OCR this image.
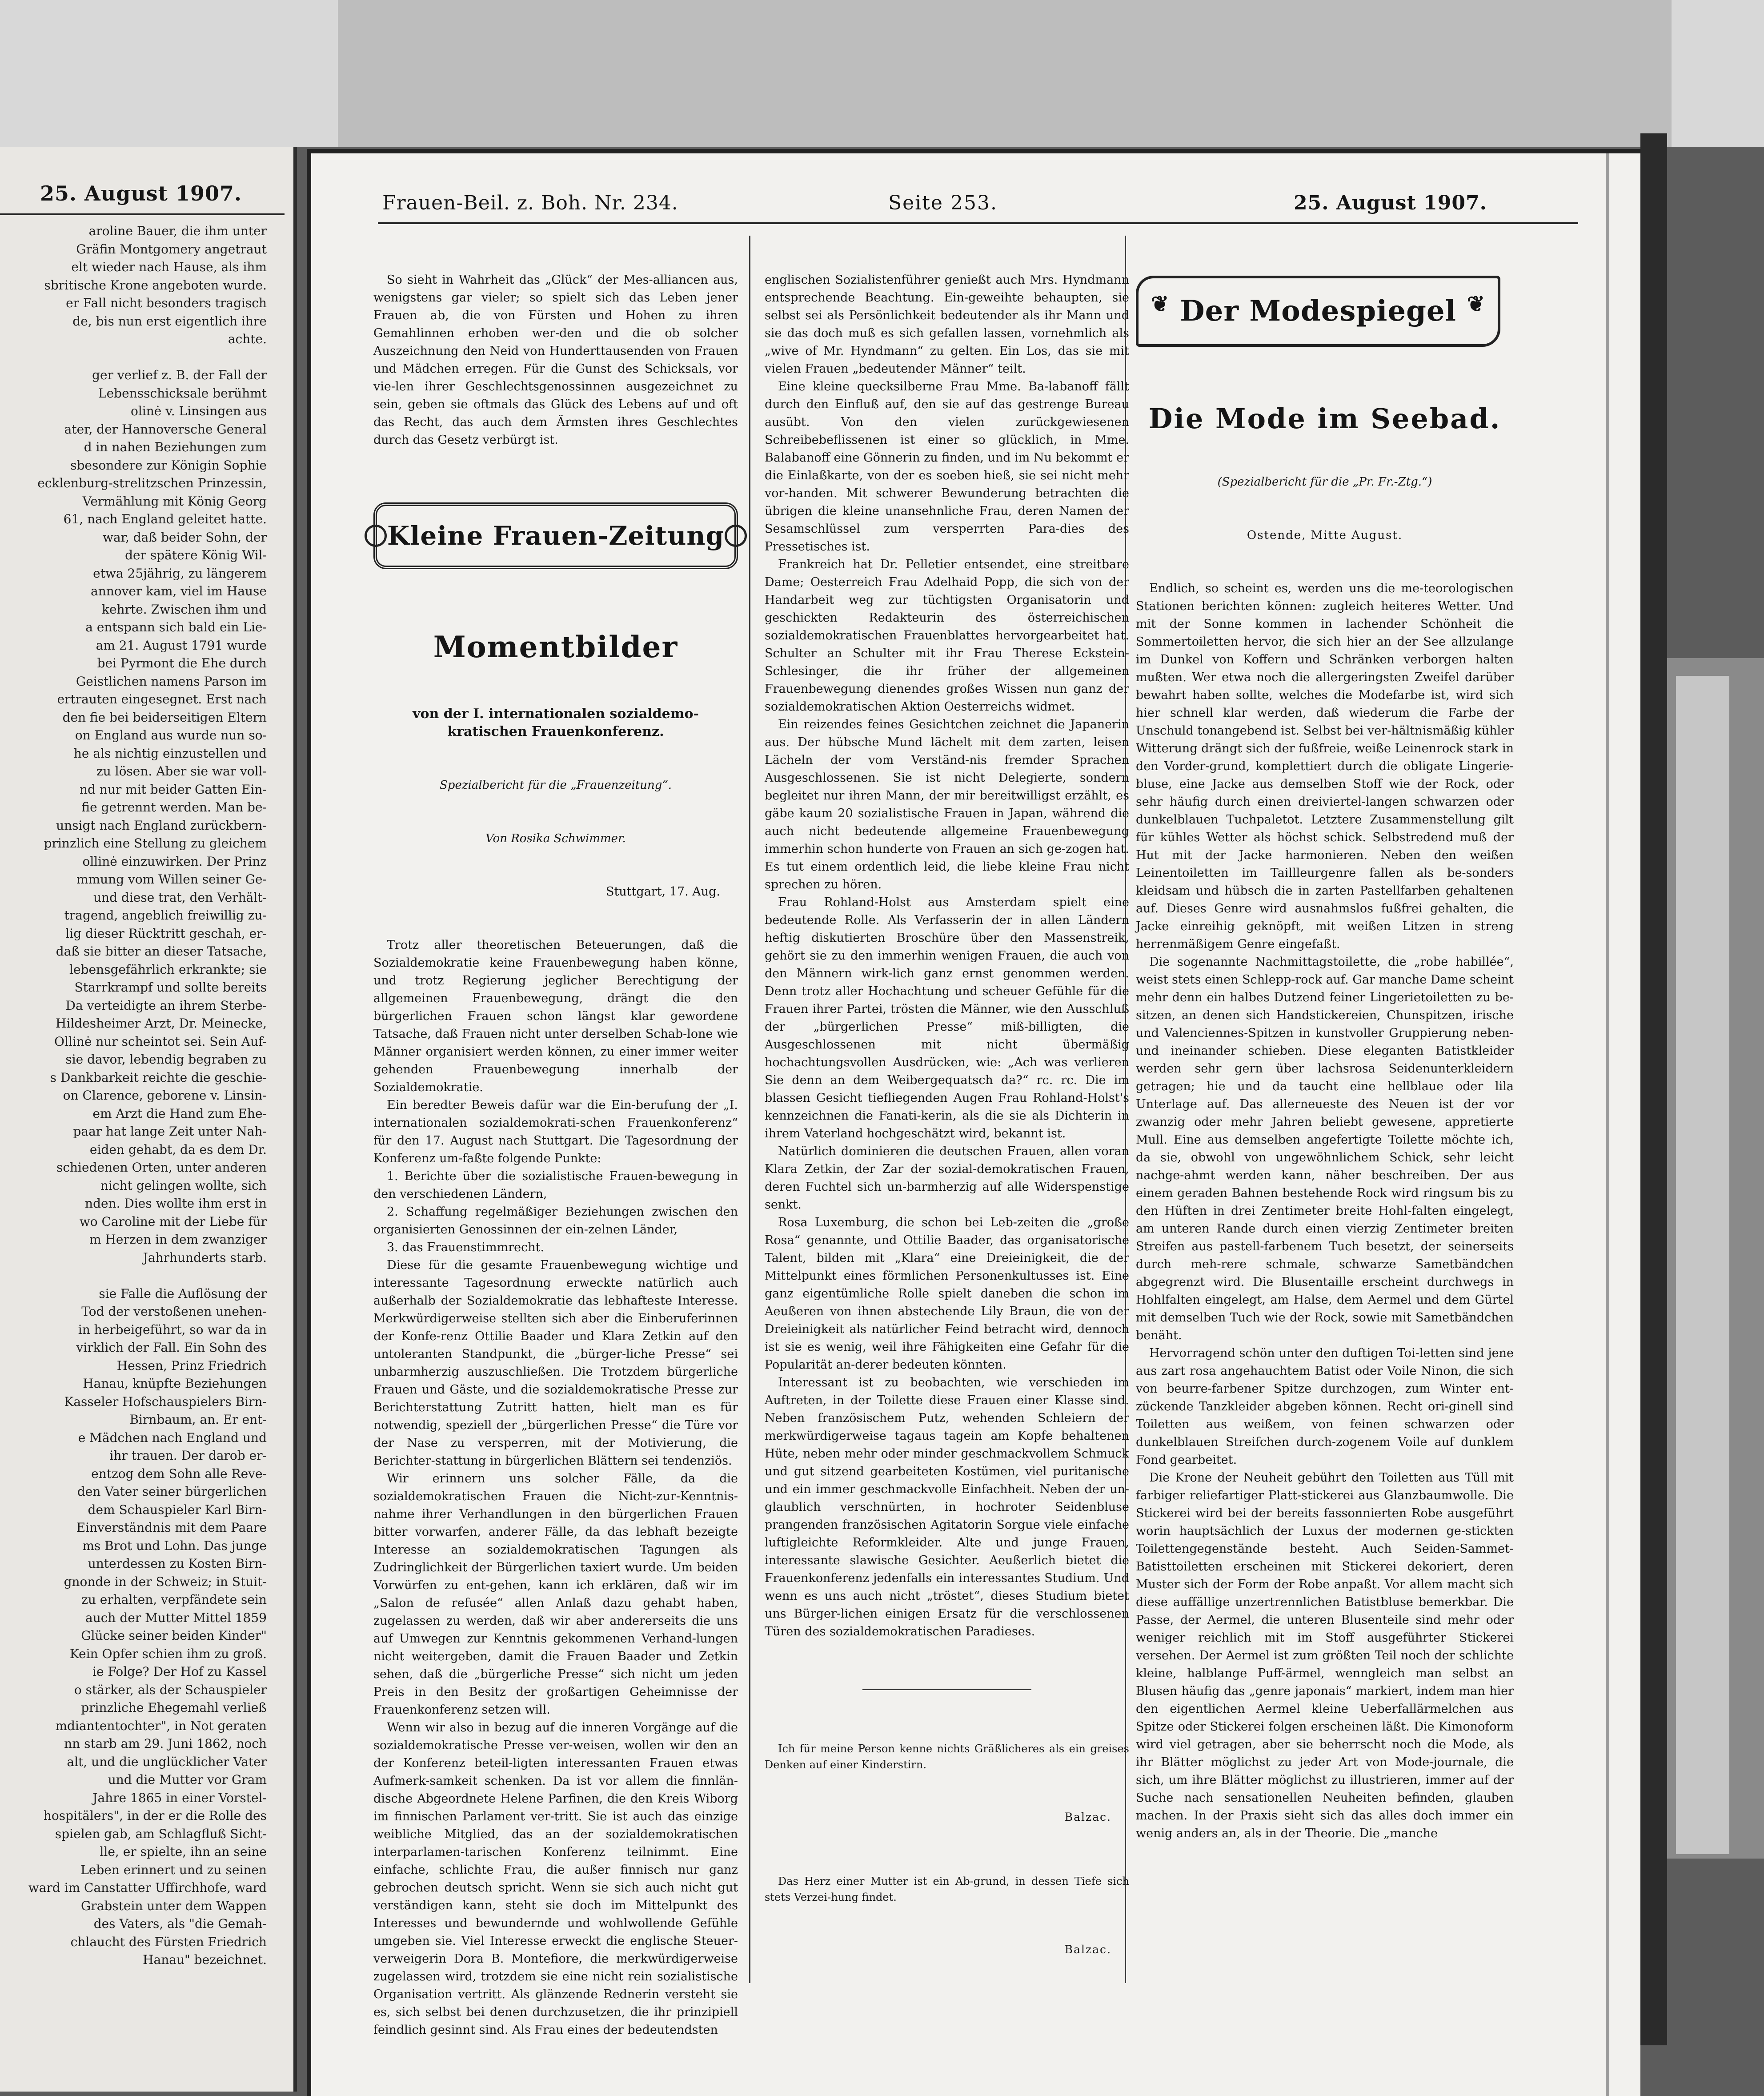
25. August 1907.
aroline Bauer, die ihm unter
Gräfin Montgomery angetraut
elt wieder nach Hause, als ihm
sbritische Krone angeboten wurde.
er Fall nicht besonders tragisch
de, bis nun erst eigentlich ihre
achte.
ger verlief z. B. der Fall der
Lebensschicksale berühmt
olinė v. Linsingen aus
ater, der Hannoversche General
d in nahen Beziehungen zum
sbesondere zur Königin Sophie
ecklenburg-strelitzschen Prinzessin,
Vermählung mit König Georg
61, nach England geleitet hatte.
war, daß beider Sohn, der
der spätere König Wil-
etwa 25jährig, zu längerem
annover kam, viel im Hause
kehrte. Zwischen ihm und
a entspann sich bald ein Lie-
am 21. August 1791 wurde
bei Pyrmont die Ehe durch
Geistlichen namens Parson im
ertrauten eingesegnet. Erst nach
den fie bei beiderseitigen Eltern
on England aus wurde nun so-
he als nichtig einzustellen und
zu lösen. Aber sie war voll-
nd nur mit beider Gatten Ein-
fie getrennt werden. Man be-
unsigt nach England zurückbern-
prinzlich eine Stellung zu gleichem
ollinė einzuwirken. Der Prinz
mmung vom Willen seiner Ge-
und diese trat, den Verhält-
tragend, angeblich freiwillig zu-
lig dieser Rücktritt geschah, er-
daß sie bitter an dieser Tatsache,
lebensgefährlich erkrankte; sie
Starrkrampf und sollte bereits
Da verteidigte an ihrem Sterbe-
Hildesheimer Arzt, Dr. Meinecke,
Ollinė nur scheintot sei. Sein Auf-
sie davor, lebendig begraben zu
s Dankbarkeit reichte die geschie-
on Clarence, geborene v. Linsin-
em Arzt die Hand zum Ehe-
paar hat lange Zeit unter Nah-
eiden gehabt, da es dem Dr.
schiedenen Orten, unter anderen
nicht gelingen wollte, sich
nden. Dies wollte ihm erst in
wo Caroline mit der Liebe für
m Herzen in dem zwanziger
Jahrhunderts starb.
sie Falle die Auflösung der
Tod der verstoßenen unehen-
in herbeigeführt, so war da in
virklich der Fall. Ein Sohn des
Hessen, Prinz Friedrich
Hanau, knüpfte Beziehungen
Kasseler Hofschauspielers Birn-
Birnbaum, an. Er ent-
e Mädchen nach England und
ihr trauen. Der darob er-
entzog dem Sohn alle Reve-
den Vater seiner bürgerlichen
dem Schauspieler Karl Birn-
Einverständnis mit dem Paare
ms Brot und Lohn. Das junge
unterdessen zu Kosten Birn-
gnonde in der Schweiz; in Stuit-
zu erhalten, verpfändete sein
auch der Mutter Mittel 1859
Glücke seiner beiden Kinder"
Kein Opfer schien ihm zu groß.
ie Folge? Der Hof zu Kassel
o stärker, als der Schauspieler
prinzliche Ehegemahl verließ
mdiantentochter", in Not geraten
nn starb am 29. Juni 1862, noch
alt, und die unglücklicher Vater
und die Mutter vor Gram
Jahre 1865 in einer Vorstel-
hospitälers", in der er die Rolle des
spielen gab, am Schlagfluß Sicht-
lle, er spielte, ihn an seine
Leben erinnert und zu seinen
ward im Canstatter Uffirchhofe, ward
Grabstein unter dem Wappen
des Vaters, als "die Gemah-
chlaucht des Fürsten Friedrich
Hanau" bezeichnet.
Frauen-Beil. z. Boh. Nr. 234.	Seite 253.	25. August 1907.

So sieht in Wahrheit das „Glück“ der Mes-alliancen aus, wenigstens gar vieler; so spielt sich das Leben jener Frauen ab, die von Fürsten und Hohen zu ihren Gemahlinnen erhoben wer-den und die ob solcher Auszeichnung den Neid von Hunderttausenden von Frauen und Mädchen erregen. Für die Gunst des Schicksals, vor vie-len ihrer Geschlechtsgenossinnen ausgezeichnet zu sein, geben sie oftmals das Glück des Lebens auf und oft das Recht, das auch dem Ärmsten ihres Geschlechtes durch das Gesetz verbürgt ist.

Kleine Frauen-Zeitung

Momentbilder

von der I. internationalen sozialdemo-kratischen Frauenkonferenz.

Spezialbericht für die „Frauenzeitung“.

Von Rosika Schwimmer.

Stuttgart, 17. Aug.

Trotz aller theoretischen Beteuerungen, daß die Sozialdemokratie keine Frauenbewegung haben könne, und trotz Regierung jeglicher Berechtigung der allgemeinen Frauenbewegung, drängt die den bürgerlichen Frauen schon längst klar gewordene Tatsache, daß Frauen nicht unter derselben Schab-lone wie Männer organisiert werden können, zu einer immer weiter gehenden Frauenbewegung innerhalb der Sozialdemokratie.

Ein beredter Beweis dafür war die Ein-berufung der „I. internationalen sozialdemokrati-schen Frauenkonferenz“ für den 17. August nach Stuttgart. Die Tagesordnung der Konferenz um-faßte folgende Punkte:

1. Berichte über die sozialistische Frauen-bewegung in den verschiedenen Ländern,

2. Schaffung regelmäßiger Beziehungen zwischen den organisierten Genossinnen der ein-zelnen Länder,

3. das Frauenstimmrecht.

Diese für die gesamte Frauenbewegung wichtige und interessante Tagesordnung erweckte natürlich auch außerhalb der Sozialdemokratie das lebhafteste Interesse. Merkwürdigerweise stellten sich aber die Einberuferinnen der Konfe-renz Ottilie Baader und Klara Zetkin auf den untoleranten Standpunkt, die „bürger-liche Presse“ sei unbarmherzig auszuschließen. Die Trotzdem bürgerliche Frauen und Gäste, und die sozialdemokratische Presse zur Berichterstattung Zutritt hatten, hielt man es für notwendig, speziell der „bürgerlichen Presse“ die Türe vor der Nase zu versperren, mit der Motivierung, die Berichter-stattung in bürgerlichen Blättern sei tendenziös.

Wir erinnern uns solcher Fälle, da die sozialdemokratischen Frauen die Nicht-zur-Kenntnis-nahme ihrer Verhandlungen in den bürgerlichen Frauen bitter vorwarfen, anderer Fälle, da das lebhaft bezeigte Interesse an sozialdemokratischen Tagungen als Zudringlichkeit der Bürgerlichen taxiert wurde. Um beiden Vorwürfen zu ent-gehen, kann ich erklären, daß wir im „Salon de refusée“ allen Anlaß dazu gehabt haben, zugelassen zu werden, daß wir aber andererseits die uns auf Umwegen zur Kenntnis gekommenen Verhand-lungen nicht weitergeben, damit die Frauen Baader und Zetkin sehen, daß die „bürgerliche Presse“ sich nicht um jeden Preis in den Besitz der großartigen Geheimnisse der Frauenkonferenz setzen will.

Wenn wir also in bezug auf die inneren Vorgänge auf die sozialdemokratische Presse ver-weisen, wollen wir den an der Konferenz beteil-ligten interessanten Frauen etwas Aufmerk-samkeit schenken. Da ist vor allem die finnlän-dische Abgeordnete Helene Parfinen, die den Kreis Wiborg im finnischen Parlament ver-tritt. Sie ist auch das einzige weibliche Mitglied, das an der sozialdemokratischen interparlamen-tarischen Konferenz teilnimmt. Eine einfache, schlichte Frau, die außer finnisch nur ganz gebrochen deutsch spricht. Wenn sie sich auch nicht gut verständigen kann, steht sie doch im Mittelpunkt des Interesses und bewundernde und wohlwollende Gefühle umgeben sie. Viel Interesse erweckt die englische Steuer-verweigerin Dora B. Montefiore, die merkwürdigerweise zugelassen wird, trotzdem sie eine nicht rein sozialistische Organisation vertritt. Als glänzende Rednerin versteht sie es, sich selbst bei denen durchzusetzen, die ihr prinzipiell feindlich gesinnt sind. Als Frau eines der bedeutendsten

englischen Sozialistenführer genießt auch Mrs. Hyndmann entsprechende Beachtung. Ein-geweihte behaupten, sie selbst sei als Persönlichkeit bedeutender als ihr Mann und sie das doch muß es sich gefallen lassen, vornehmlich als „wive of Mr. Hyndmann“ zu gelten. Ein Los, das sie mit vielen Frauen „bedeutender Männer“ teilt.

Eine kleine quecksilberne Frau Mme. Ba-labanoff fällt durch den Einfluß auf, den sie auf das gestrenge Bureau ausübt. Von den vielen zurückgewiesenen Schreibebeflissenen ist einer so glücklich, in Mme. Balabanoff eine Gönnerin zu finden, und im Nu bekommt er die Einlaßkarte, von der es soeben hieß, sie sei nicht mehr vor-handen. Mit schwerer Bewunderung betrachten die übrigen die kleine unansehnliche Frau, deren Namen der Sesamschlüssel zum versperrten Para-dies des Pressetisches ist.

Frankreich hat Dr. Pelletier entsendet, eine streitbare Dame; Oesterreich Frau Adelhaid Popp, die sich von der Handarbeit weg zur tüchtigsten Organisatorin und geschickten Redakteurin des österreichischen sozialdemokratischen Frauenblattes hervorgearbeitet hat. Schulter an Schulter mit ihr Frau Therese Eckstein-Schlesinger, die ihr früher der allgemeinen Frauenbewegung dienendes großes Wissen nun ganz der sozialdemokratischen Aktion Oesterreichs widmet.

Ein reizendes feines Gesichtchen zeichnet die Japanerin aus. Der hübsche Mund lächelt mit dem zarten, leisen Lächeln der vom Verständ-nis fremder Sprachen Ausgeschlossenen. Sie ist nicht Delegierte, sondern begleitet nur ihren Mann, der mir bereitwilligst erzählt, es gäbe kaum 20 sozialistische Frauen in Japan, während die auch nicht bedeutende allgemeine Frauenbewegung immerhin schon hunderte von Frauen an sich ge-zogen hat. Es tut einem ordentlich leid, die liebe kleine Frau nicht sprechen zu hören.

Frau Rohland-Holst aus Amsterdam spielt eine bedeutende Rolle. Als Verfasserin der in allen Ländern heftig diskutierten Broschüre über den Massenstreik, gehört sie zu den immerhin wenigen Frauen, die auch von den Männern wirk-lich ganz ernst genommen werden. Denn trotz aller Hochachtung und scheuer Gefühle für die Frauen ihrer Partei, trösten die Männer, wie den Ausschluß der „bürgerlichen Presse“ miß-billigten, die Ausgeschlossenen mit nicht übermäßig hochachtungsvollen Ausdrücken, wie: „Ach was verlieren Sie denn an dem Weibergequatsch da?“ rc. rc. Die im blassen Gesicht tiefliegenden Augen Frau Rohland-Holst's kennzeichnen die Fanati-kerin, als die sie als Dichterin in ihrem Vaterland hochgeschätzt wird, bekannt ist.

Natürlich dominieren die deutschen Frauen, allen voran Klara Zetkin, der Zar der sozial-demokratischen Frauen, deren Fuchtel sich un-barmherzig auf alle Widerspenstige senkt.

Rosa Luxemburg, die schon bei Leb-zeiten die „große Rosa“ genannte, und Ottilie Baader, das organisatorische Talent, bilden mit „Klara“ eine Dreieinigkeit, die der Mittelpunkt eines förmlichen Personenkultusses ist. Eine ganz eigentümliche Rolle spielt daneben die schon im Aeußeren von ihnen abstechende Lily Braun, die von der Dreieinigkeit als natürlicher Feind betracht wird, dennoch ist sie es wenig, weil ihre Fähigkeiten eine Gefahr für die Popularität an-derer bedeuten könnten.

Interessant ist zu beobachten, wie verschieden im Auftreten, in der Toilette diese Frauen einer Klasse sind. Neben französischem Putz, wehenden Schleiern der merkwürdigerweise tagaus tagein am Kopfe behaltenen Hüte, neben mehr oder minder geschmackvollem Schmuck und gut sitzend gearbeiteten Kostümen, viel puritanische und ein immer geschmackvolle Einfachheit. Neben der un-glaublich verschnürten, in hochroter Seidenbluse prangenden französischen Agitatorin Sorgue viele einfache luftigleichte Reformkleider. Alte und junge Frauen, interessante slawische Gesichter. Aeußerlich bietet die Frauenkonferenz jedenfalls ein interessantes Studium. Und wenn es uns auch nicht „tröstet“, dieses Studium bietet uns Bürger-lichen einigen Ersatz für die verschlossenen Türen des sozialdemokratischen Paradieses.

Ich für meine Person kenne nichts Gräßlicheres als ein greises Denken auf einer Kinderstirn.

Balzac.

Das Herz einer Mutter ist ein Ab-grund, in dessen Tiefe sich stets Verzei-hung findet.

Balzac.

❦ Der Modespiegel ❦

Die Mode im Seebad.

(Spezialbericht für die „Pr. Fr.-Ztg.“)

Ostende, Mitte August.

Endlich, so scheint es, werden uns die me-teorologischen Stationen berichten können: zugleich heiteres Wetter. Und mit der Sonne kommen in lachender Schönheit die Sommertoiletten hervor, die sich hier an der See allzulange im Dunkel von Koffern und Schränken verborgen halten mußten. Wer etwa noch die allergeringsten Zweifel darüber bewahrt haben sollte, welches die Modefarbe ist, wird sich hier schnell klar werden, daß wiederum die Farbe der Unschuld tonangebend ist. Selbst bei ver-hältnismäßig kühler Witterung drängt sich der fußfreie, weiße Leinenrock stark in den Vorder-grund, komplettiert durch die obligate Lingerie-bluse, eine Jacke aus demselben Stoff wie der Rock, oder sehr häufig durch einen dreiviertel-langen schwarzen oder dunkelblauen Tuchpaletot. Letztere Zusammenstellung gilt für kühles Wetter als höchst schick. Selbstredend muß der Hut mit der Jacke harmonieren. Neben den weißen Leinentoiletten im Taillleurgenre fallen als be-sonders kleidsam und hübsch die in zarten Pastellfarben gehaltenen auf. Dieses Genre wird ausnahmslos fußfrei gehalten, die Jacke einreihig geknöpft, mit weißen Litzen in streng herrenmäßigem Genre eingefaßt.

Die sogenannte Nachmittagstoilette, die „robe habillée“, weist stets einen Schlepp-rock auf. Gar manche Dame scheint mehr denn ein halbes Dutzend feiner Lingerietoiletten zu be-sitzen, an denen sich Handstickereien, Chunspitzen, irische und Valenciennes-Spitzen in kunstvoller Gruppierung neben- und ineinander schieben. Diese eleganten Batistkleider werden sehr gern über lachsrosa Seidenunterkleidern getragen; hie und da taucht eine hellblaue oder lila Unterlage auf. Das allerneueste des Neuen ist der vor zwanzig oder mehr Jahren beliebt gewesene, appretierte Mull. Eine aus demselben angefertigte Toilette möchte ich, da sie, obwohl von ungewöhnlichem Schick, sehr leicht nachge-ahmt werden kann, näher beschreiben. Der aus einem geraden Bahnen bestehende Rock wird ringsum bis zu den Hüften in drei Zentimeter breite Hohl-falten eingelegt, am unteren Rande durch einen vierzig Zentimeter breiten Streifen aus pastell-farbenem Tuch besetzt, der seinerseits durch meh-rere schmale, schwarze Sametbändchen abgegrenzt wird. Die Blusentaille erscheint durchwegs in Hohlfalten eingelegt, am Halse, dem Aermel und dem Gürtel mit demselben Tuch wie der Rock, sowie mit Sametbändchen benäht.

Hervorragend schön unter den duftigen Toi-letten sind jene aus zart rosa angehauchtem Batist oder Voile Ninon, die sich von beurre-farbener Spitze durchzogen, zum Winter ent-zückende Tanzkleider abgeben können. Recht ori-ginell sind Toiletten aus weißem, von feinen schwarzen oder dunkelblauen Streifchen durch-zogenem Voile auf dunklem Fond gearbeitet.

Die Krone der Neuheit gebührt den Toiletten aus Tüll mit farbiger reliefartiger Platt-stickerei aus Glanzbaumwolle. Die Stickerei wird bei der bereits fassonnierten Robe ausgeführt worin hauptsächlich der Luxus der modernen ge-stickten Toilettengegenstände besteht. Auch Seiden-Sammet-Batisttoiletten erscheinen mit Stickerei dekoriert, deren Muster sich der Form der Robe anpaßt. Vor allem macht sich diese auffällige unzertrennlichen Batistbluse bemerkbar. Die Passe, der Aermel, die unteren Blusenteile sind mehr oder weniger reichlich mit im Stoff ausgeführter Stickerei versehen. Der Aermel ist zum größten Teil noch der schlichte kleine, halblange Puff-ärmel, wenngleich man selbst an Blusen häufig das „genre japonais“ markiert, indem man hier den eigentlichen Aermel kleine Ueberfallärmelchen aus Spitze oder Stickerei folgen erscheinen läßt. Die Kimonoform wird viel getragen, aber sie beherrscht noch die Mode, als ihr Blätter möglichst zu jeder Art von Mode-journale, die sich, um ihre Blätter möglichst zu illustrieren, immer auf der Suche nach sensationellen Neuheiten befinden, glauben machen. In der Praxis sieht sich das alles doch immer ein wenig anders an, als in der Theorie. Die „manche
